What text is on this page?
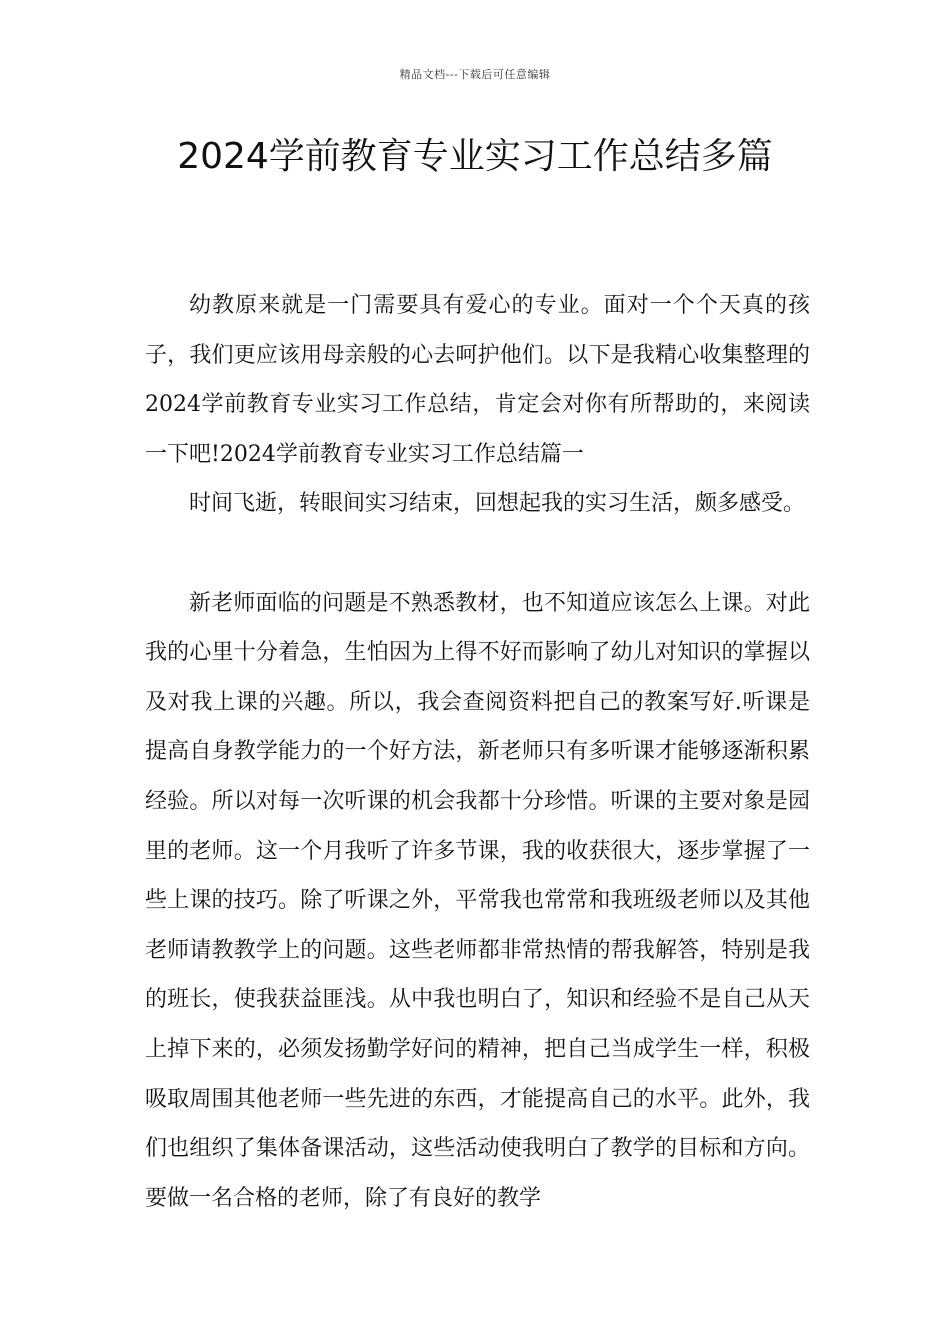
精品文档---下载后可任意编辑
2024学前教育专业实习工作总结多篇

幼教原来就是一门需要具有爱心的专业。面对一个个天真的孩子，我们更应该用母亲般的心去呵护他们。以下是我精心收集整理的2024学前教育专业实习工作总结，肯定会对你有所帮助的，来阅读一下吧!2024学前教育专业实习工作总结篇一

时间飞逝，转眼间实习结束，回想起我的实习生活，颇多感受。

新老师面临的问题是不熟悉教材，也不知道应该怎么上课。对此我的心里十分着急，生怕因为上得不好而影响了幼儿对知识的掌握以及对我上课的兴趣。所以，我会查阅资料把自己的教案写好.听课是提高自身教学能力的一个好方法，新老师只有多听课才能够逐渐积累经验。所以对每一次听课的机会我都十分珍惜。听课的主要对象是园里的老师。这一个月我听了许多节课，我的收获很大，逐步掌握了一些上课的技巧。除了听课之外，平常我也常常和我班级老师以及其他老师请教教学上的问题。这些老师都非常热情的帮我解答，特别是我的班长，使我获益匪浅。从中我也明白了，知识和经验不是自己从天上掉下来的，必须发扬勤学好问的精神，把自己当成学生一样，积极吸取周围其他老师一些先进的东西，才能提高自己的水平。此外，我们也组织了集体备课活动，这些活动使我明白了教学的目标和方向。要做一名合格的老师，除了有良好的教学
